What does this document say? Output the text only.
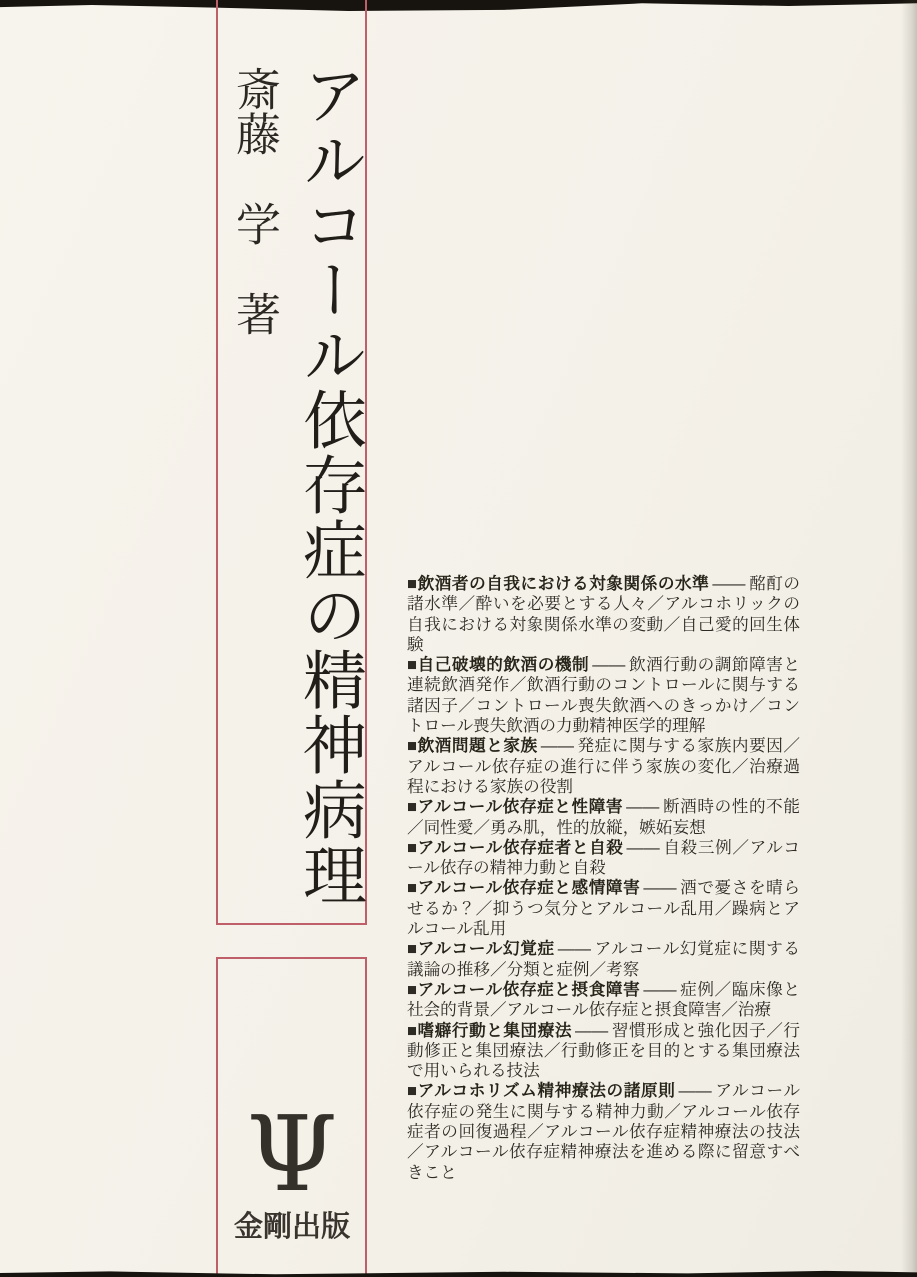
斎藤　学　著 アルコール依存症の精神病理 ■飲酒者の自我における対象関係の水準 ―― 酩酊の諸水準／酔いを必要とする人々／アルコホリックの自我における対象関係水準の変動／自己愛的回生体験

■自己破壊的飲酒の機制 ―― 飲酒行動の調節障害と連続飲酒発作／飲酒行動のコントロールに関与する諸因子／コントロール喪失飲酒へのきっかけ／コントロール喪失飲酒の力動精神医学的理解

■飲酒問題と家族 ―― 発症に関与する家族内要因／アルコール依存症の進行に伴う家族の変化／治療過程における家族の役割

■アルコール依存症と性障害 ―― 断酒時の性的不能／同性愛／勇み肌，性的放縦，嫉妬妄想

■アルコール依存症者と自殺 ―― 自殺三例／アルコール依存の精神力動と自殺

■アルコール依存症と感情障害 ―― 酒で憂さを晴らせるか？／抑うつ気分とアルコール乱用／躁病とアルコール乱用

■アルコール幻覚症 ―― アルコール幻覚症に関する議論の推移／分類と症例／考察

■アルコール依存症と摂食障害 ―― 症例／臨床像と社会的背景／アルコール依存症と摂食障害／治療

■嗜癖行動と集団療法 ―― 習慣形成と強化因子／行動修正と集団療法／行動修正を目的とする集団療法で用いられる技法

■アルコホリズム精神療法の諸原則 ―― アルコール依存症の発生に関与する精神力動／アルコール依存症者の回復過程／アルコール依存症精神療法の技法／アルコール依存症精神療法を進める際に留意すべきこと

Ψ
金剛出版
